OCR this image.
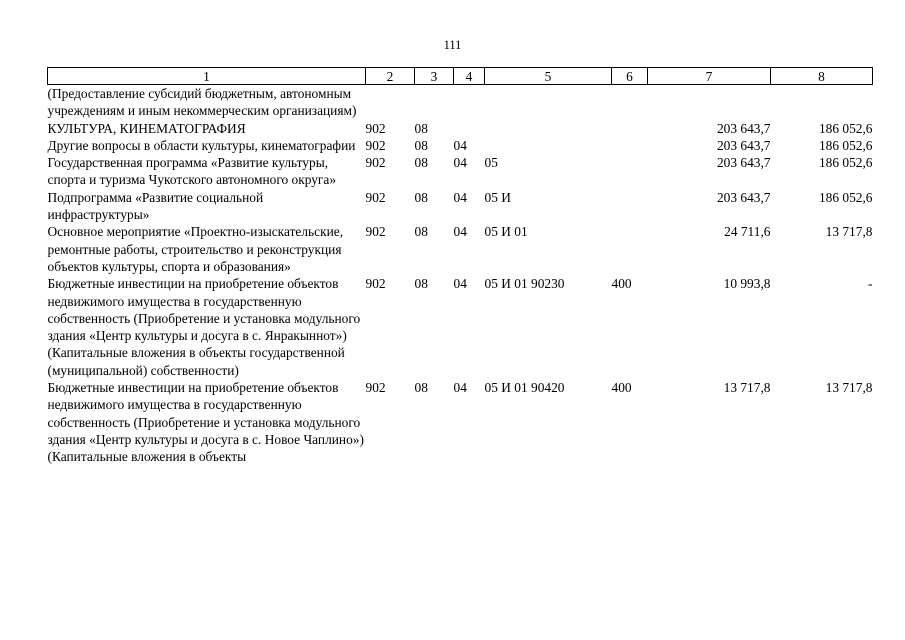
111
1	2	3	4	5	6	7	8
(Предоставление субсидий бюджетным, автономным учреждениям и иным некоммерческим организациям)							
КУЛЬТУРА, КИНЕМАТОГРАФИЯ	902	08				203 643,7	186 052,6
Другие вопросы в области культуры, кинематографии	902	08	04			203 643,7	186 052,6
Государственная программа «Развитие культуры, спорта и туризма Чукотского автономного округа»	902	08	04	05		203 643,7	186 052,6
Подпрограмма «Развитие социальной инфраструктуры»	902	08	04	05 И		203 643,7	186 052,6
Основное мероприятие «Проектно-изыскательские, ремонтные работы, строительство и реконструкция объектов культуры, спорта и образования»	902	08	04	05 И 01		24 711,6	13 717,8
Бюджетные инвестиции на приобретение объектов недвижимого имущества в государственную собственность (Приобретение и установка модульного здания «Центр культуры и досуга в с. Янракыннот») (Капитальные вложения в объекты государственной (муниципальной) собственности)	902	08	04	05 И 01 90230	400	10 993,8	-
Бюджетные инвестиции на приобретение объектов недвижимого имущества в государственную собственность (Приобретение и установка модульного здания «Центр культуры и досуга в с. Новое Чаплино») (Капитальные вложения в объекты	902	08	04	05 И 01 90420	400	13 717,8	13 717,8
